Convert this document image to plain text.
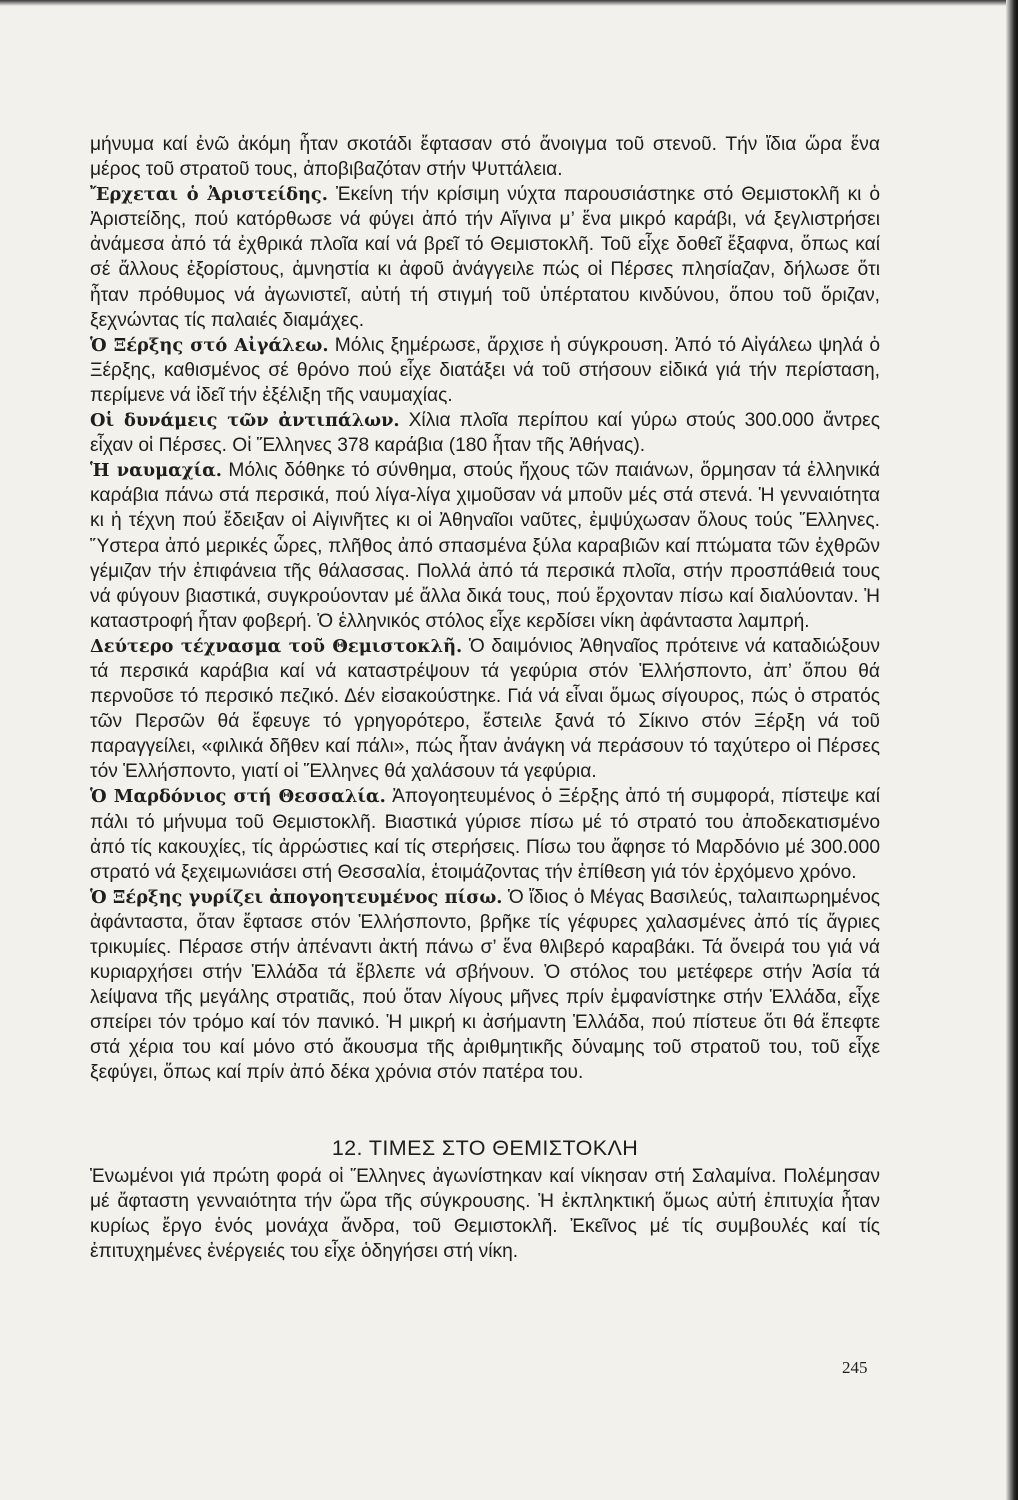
μήνυμα καί ἐνῶ ἀκόμη ἦταν σκοτάδι ἔφτασαν στό ἄνοιγμα τοῦ στενοῦ. Τήν ἴδια ὥρα ἕνα μέρος τοῦ στρατοῦ τους, ἀποβιβαζόταν στήν Ψυττάλεια.

Ἔρχεται ὁ Ἀριστείδης. Ἐκείνη τήν κρίσιμη νύχτα παρουσιάστηκε στό Θεμιστοκλῆ κι ὁ Ἀριστείδης, πού κατόρθωσε νά φύγει ἀπό τήν Αἴγινα μ’ ἕνα μικρό καράβι, νά ξεγλιστρήσει ἀνάμεσα ἀπό τά ἐχθρικά πλοῖα καί νά βρεῖ τό Θεμιστοκλῆ. Τοῦ εἶχε δοθεῖ ἔξαφνα, ὅπως καί σέ ἄλλους ἐξορίστους, ἀμνηστία κι ἀφοῦ ἀνάγγειλε πώς οἱ Πέρσες πλησίαζαν, δήλωσε ὅτι ἦταν πρόθυμος νά ἀγωνιστεῖ, αὐτή τή στιγμή τοῦ ὑπέρτατου κινδύνου, ὅπου τοῦ ὅριζαν, ξεχνώντας τίς παλαιές διαμάχες.

Ὁ Ξέρξης στό Αἰγάλεω. Μόλις ξημέρωσε, ἄρχισε ἡ σύγκρουση. Ἀπό τό Αἰγάλεω ψηλά ὁ Ξέρξης, καθισμένος σέ θρόνο πού εἶχε διατάξει νά τοῦ στήσουν εἰδικά γιά τήν περίσταση, περίμενε νά ἰδεῖ τήν ἐξέλιξη τῆς ναυμαχίας.

Οἱ δυνάμεις τῶν ἀντιπάλων. Χίλια πλοῖα περίπου καί γύρω στούς 300.000 ἄντρες εἶχαν οἱ Πέρσες. Οἱ Ἕλληνες 378 καράβια (180 ἦταν τῆς Ἀθήνας).

Ἡ ναυμαχία. Μόλις δόθηκε τό σύνθημα, στούς ἤχους τῶν παιάνων, ὅρμησαν τά ἑλληνικά καράβια πάνω στά περσικά, πού λίγα-λίγα χιμοῦσαν νά μποῦν μές στά στενά. Ἡ γενναιότητα κι ἡ τέχνη πού ἔδειξαν οἱ Αἰγινῆτες κι οἱ Ἀθηναῖοι ναῦτες, ἐμψύχωσαν ὅλους τούς Ἕλληνες. Ὕστερα ἀπό μερικές ὧρες, πλῆθος ἀπό σπασμένα ξύλα καραβιῶν καί πτώματα τῶν ἐχθρῶν γέμιζαν τήν ἐπιφάνεια τῆς θάλασσας. Πολλά ἀπό τά περσικά πλοῖα, στήν προσπάθειά τους νά φύγουν βιαστικά, συγκρούονταν μέ ἄλλα δικά τους, πού ἔρχονταν πίσω καί διαλύονταν. Ἡ καταστροφή ἦταν φοβερή. Ὁ ἑλληνικός στόλος εἶχε κερδίσει νίκη ἀφάνταστα λαμπρή.

Δεύτερο τέχνασμα τοῦ Θεμιστοκλῆ. Ὁ δαιμόνιος Ἀθηναῖος πρότεινε νά καταδιώξουν τά περσικά καράβια καί νά καταστρέψουν τά γεφύρια στόν Ἑλλήσποντο, ἀπ’ ὅπου θά περνοῦσε τό περσικό πεζικό. Δέν εἰσακούστηκε. Γιά νά εἶναι ὅμως σίγουρος, πώς ὁ στρατός τῶν Περσῶν θά ἔφευγε τό γρηγορότερο, ἔστειλε ξανά τό Σίκινο στόν Ξέρξη νά τοῦ παραγγείλει, «φιλικά δῆθεν καί πάλι», πώς ἦταν ἀνάγκη νά περάσουν τό ταχύτερο οἱ Πέρσες τόν Ἑλλήσποντο, γιατί οἱ Ἕλληνες θά χαλάσουν τά γεφύρια.

Ὁ Μαρδόνιος στή Θεσσαλία. Ἀπογοητευμένος ὁ Ξέρξης ἀπό τή συμφορά, πίστεψε καί πάλι τό μήνυμα τοῦ Θεμιστοκλῆ. Βιαστικά γύρισε πίσω μέ τό στρατό του ἀποδεκατισμένο ἀπό τίς κακουχίες, τίς ἀρρώστιες καί τίς στερήσεις. Πίσω του ἄφησε τό Μαρδόνιο μέ 300.000 στρατό νά ξεχειμωνιάσει στή Θεσσαλία, ἑτοιμάζοντας τήν ἐπίθεση γιά τόν ἐρχόμενο χρόνο.

Ὁ Ξέρξης γυρίζει ἀπογοητευμένος πίσω. Ὁ ἴδιος ὁ Μέγας Βασιλεύς, ταλαιπωρημένος ἀφάνταστα, ὅταν ἔφτασε στόν Ἑλλήσποντο, βρῆκε τίς γέφυρες χαλασμένες ἀπό τίς ἄγριες τρικυμίες. Πέρασε στήν ἀπέναντι ἀκτή πάνω σ’ ἕνα θλιβερό καραβάκι. Τά ὄνειρά του γιά νά κυριαρχήσει στήν Ἑλλάδα τά ἔβλεπε νά σβήνουν. Ὁ στόλος του μετέφερε στήν Ἀσία τά λείψανα τῆς μεγάλης στρατιᾶς, πού ὅταν λίγους μῆνες πρίν ἐμφανίστηκε στήν Ἑλλάδα, εἶχε σπείρει τόν τρόμο καί τόν πανικό. Ἡ μικρή κι ἀσήμαντη Ἑλλάδα, πού πίστευε ὅτι θά ἔπεφτε στά χέρια του καί μόνο στό ἄκουσμα τῆς ἀριθμητικῆς δύναμης τοῦ στρατοῦ του, τοῦ εἶχε ξεφύγει, ὅπως καί πρίν ἀπό δέκα χρόνια στόν πατέρα του.

12. ΤΙΜΕΣ ΣΤΟ ΘΕΜΙΣΤΟΚΛΗ

Ἑνωμένοι γιά πρώτη φορά οἱ Ἕλληνες ἀγωνίστηκαν καί νίκησαν στή Σαλαμίνα. Πολέμησαν μέ ἄφταστη γενναιότητα τήν ὥρα τῆς σύγκρουσης. Ἡ ἐκπληκτική ὅμως αὐτή ἐπιτυχία ἦταν κυρίως ἔργο ἑνός μονάχα ἄνδρα, τοῦ Θεμιστοκλῆ. Ἐκεῖνος μέ τίς συμβουλές καί τίς ἐπιτυχημένες ἐνέργειές του εἶχε ὁδηγήσει στή νίκη.

245
